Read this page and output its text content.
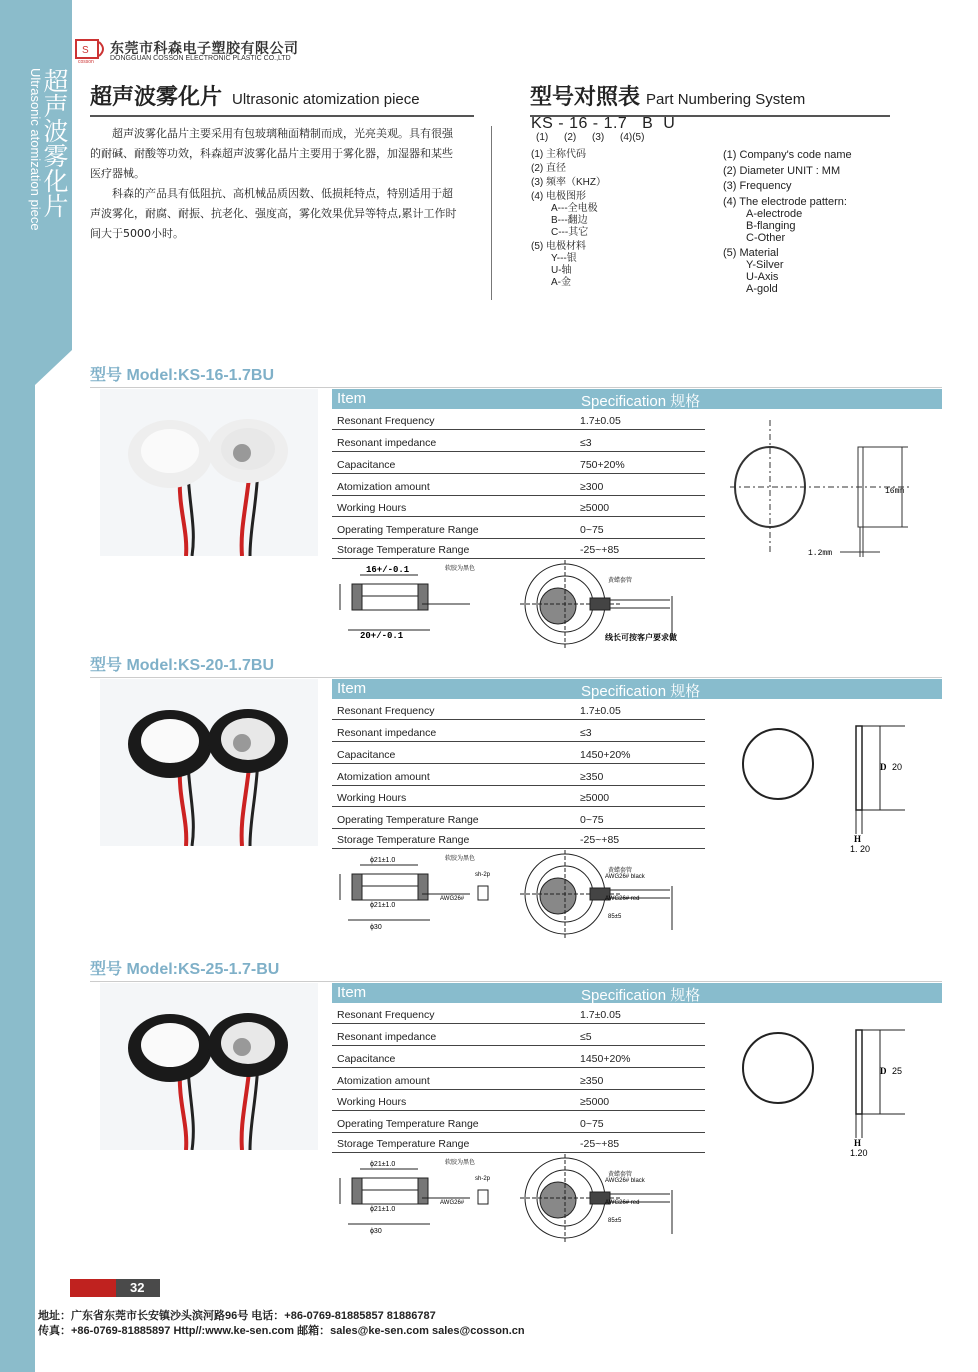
超声波雾化片
Ultrasonic atomization piece
S
cosson
东莞市科森电子塑胶有限公司
DONGGUAN COSSON ELECTRONIC PLASTIC CO.,LTD
超声波雾化片 Ultrasonic atomization piece

超声波雾化晶片主要采用有包玻璃釉面精制而成，光亮美观。具有很强的耐碱、耐酸等功效，科森超声波雾化晶片主要用于雾化器，加湿器和某些医疗器械。

科森的产品具有低阻抗、高机械品质因数、低损耗特点，特别适用于超声波雾化，耐腐、耐振、抗老化、强度高，雾化效果优异等特点,累计工作时间大于5000小时。

型号对照表 Part Numbering System
KS - 16 - 1.7   B  U
(1) (2) (3) (4)(5)
(1) 主称代码
(2) 直径
(3) 频率（KHZ）
(4) 电极图形
A---全电极
B---翻边
C---其它
(5) 电极材料
Y---银
U-轴
A-金
(1) Company's code name
(2) Diameter UNIT : MM
(3) Frequency
(4) The electrode pattern:
A-electrode
B-flanging
C-Other
(5) Material
Y-Silver
U-Axis
A-gold
型号 Model:KS-16-1.7BU
Item	Specification 规格
Resonant Frequency	1.7±0.05
Resonant impedance	≤3
Capacitance	750+20%
Atomization amount	≥300
Working Hours	≥5000
Operating Temperature Range	0~75
Storage Temperature Range	-25~+85
16mm
1.2mm
软胶为黑色
16+/-0.1
20+/-0.1
黄蜡套管
线长可按客户要求做
型号 Model:KS-20-1.7BU
Item	Specification 规格
Resonant Frequency	1.7±0.05
Resonant impedance	≤3
Capacitance	1450+20%
Atomization amount	≥350
Working Hours	≥5000
Operating Temperature Range	0~75
Storage Temperature Range	-25~+85
D 20
H
1. 20
软胶为黑色
ϕ21±1.0
ϕ21±1.0
ϕ30
sh-2p
AWG26#
黄蜡套管
AWG26# black
AWG26# red
85±5
型号 Model:KS-25-1.7-BU
Item	Specification 规格
Resonant Frequency	1.7±0.05
Resonant impedance	≤5
Capacitance	1450+20%
Atomization amount	≥350
Working Hours	≥5000
Operating Temperature Range	0~75
Storage Temperature Range	-25~+85
D 25
H
1.20
软胶为黑色
ϕ21±1.0
ϕ21±1.0
ϕ30
sh-2p
AWG26#
黄蜡套管
AWG26# black
AWG26# red
85±5
32
地址：广东省东莞市长安镇沙头滨河路96号 电话：+86-0769-81885857 81886787
传真：+86-0769-81885897 Http//:www.ke-sen.com 邮箱：sales@ke-sen.com sales@cosson.cn
